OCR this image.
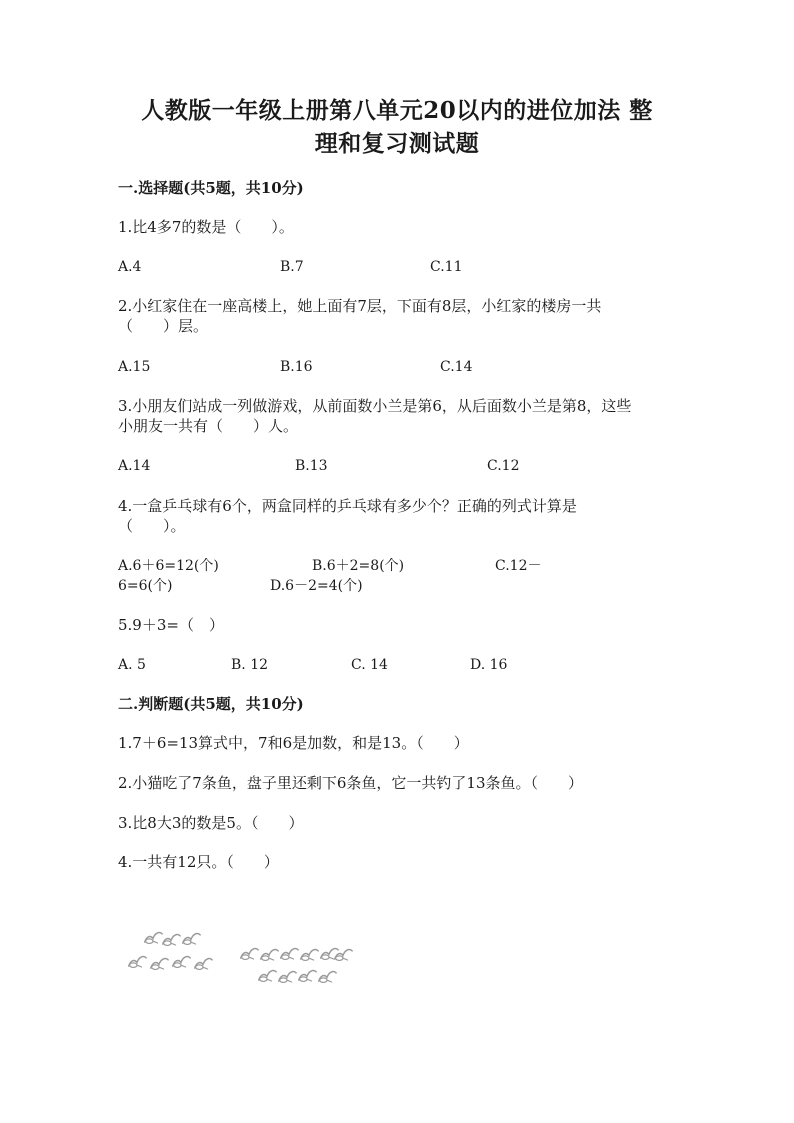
人教版一年级上册第八单元20以内的进位加法 整
理和复习测试题
一.选择题(共5题，共10分)
1.比4多7的数是（　　）。
A.4	B.7	C.11
2.小红家住在一座高楼上，她上面有7层，下面有8层，小红家的楼房一共
（　　）层。
A.15	B.16	C.14
3.小朋友们站成一列做游戏，从前面数小兰是第6，从后面数小兰是第8，这些
小朋友一共有（　　）人。
A.14	B.13	C.12
4.一盒乒乓球有6个，两盒同样的乒乓球有多少个？正确的列式计算是
（　　）。
A.6＋6=12(个)	B.6＋2=8(个)	C.12－
6=6(个)	D.6－2=4(个)
5.9＋3=（　）
A. 5	B. 12	C. 14	D. 16
二.判断题(共5题，共10分)
1.7＋6=13算式中，7和6是加数，和是13。（　　）
2.小猫吃了7条鱼，盘子里还剩下6条鱼，它一共钓了13条鱼。（　　）
3.比8大3的数是5。（　　）
4.一共有12只。（　　）
